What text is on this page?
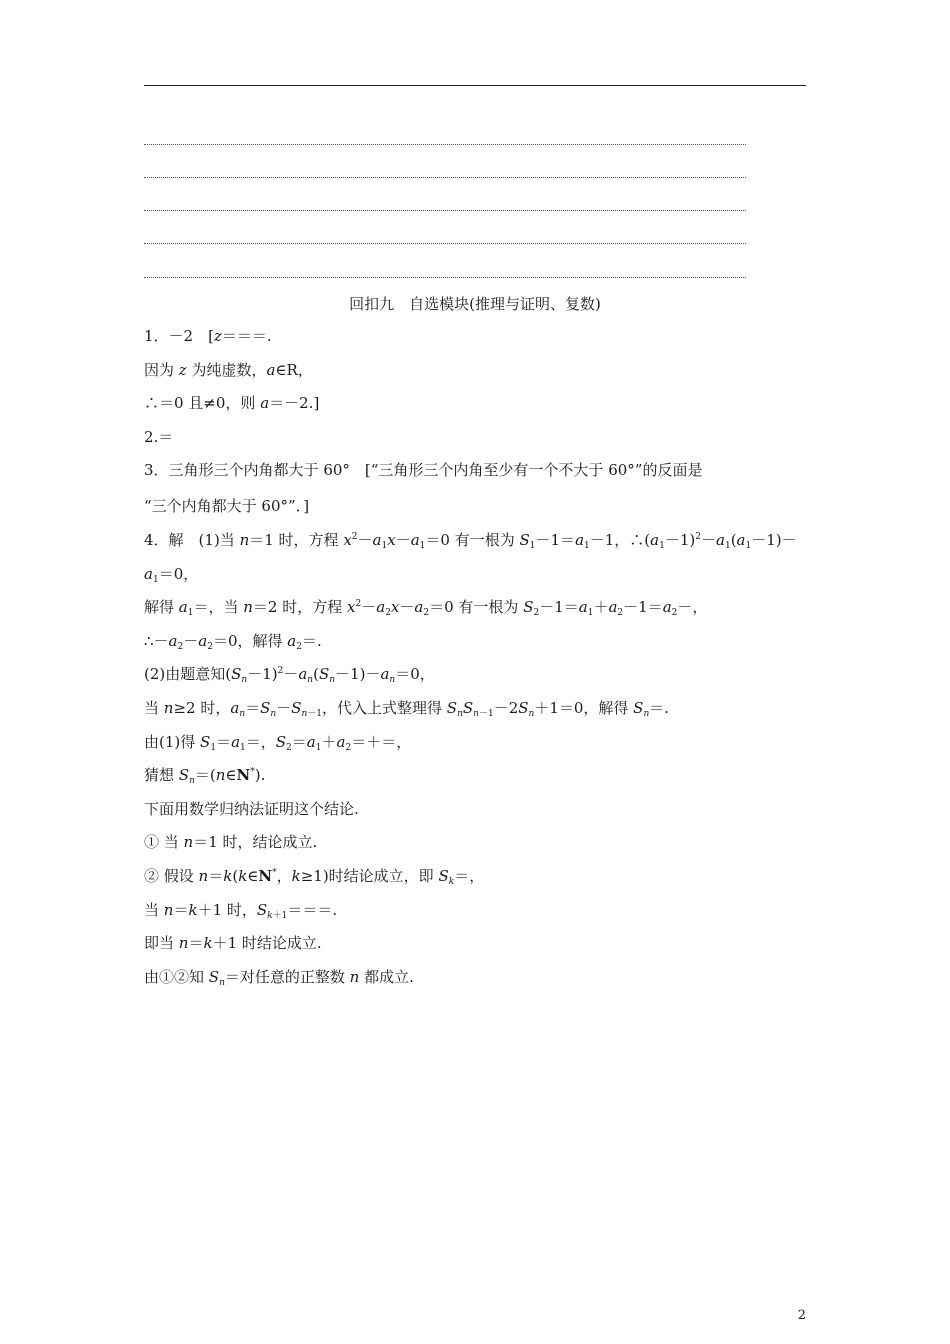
回扣九　自选模块(推理与证明、复数)
1．－2　[z＝＝＝.
因为 z 为纯虚数，a∈R，
∴＝0 且≠0，则 a＝－2.]
2.＝
3．三角形三个内角都大于 60°　[“三角形三个内角至少有一个不大于 60°”的反面是
“三个内角都大于 60°”．]
4．解　(1)当 n＝1 时，方程 $x^2-a_1x-a_1=0$ 有一根为 $S_1-1=a_1-1$，$\therefore(a_1-1)^2-a_1(a_1-1)-$
$a_1=0$，
解得 $a_1=$，当 n＝2 时，方程 $x^2-a_2x-a_2=0$ 有一根为 $S_2-1=a_1+a_2-1=a_2-$，
$\therefore-a_2-a_2=0$，解得 $a_2=$.
(2)由题意知$(S_n-1)^2-a_n(S_n-1)-a_n=0$，
当 n≥2 时，$a_n=S_n-S_{n-1}$，代入上式整理得 $S_nS_{n-1}-2S_n+1=0$，解得 $S_n=$.
由(1)得 $S_1=a_1=$，$S_2=a_1+a_2=+=$，
猜想 $S_n=(n\in N^*)$.
下面用数学归纳法证明这个结论.
① 当 n＝1 时，结论成立.
② 假设 n＝k(k∈N*，k≥1)时结论成立，即 $S_k=$，
当 n＝k＋1 时，$S_{k+1}===$.
即当 n＝k＋1 时结论成立.
由①②知 $S_n=$对任意的正整数 n 都成立.
2
